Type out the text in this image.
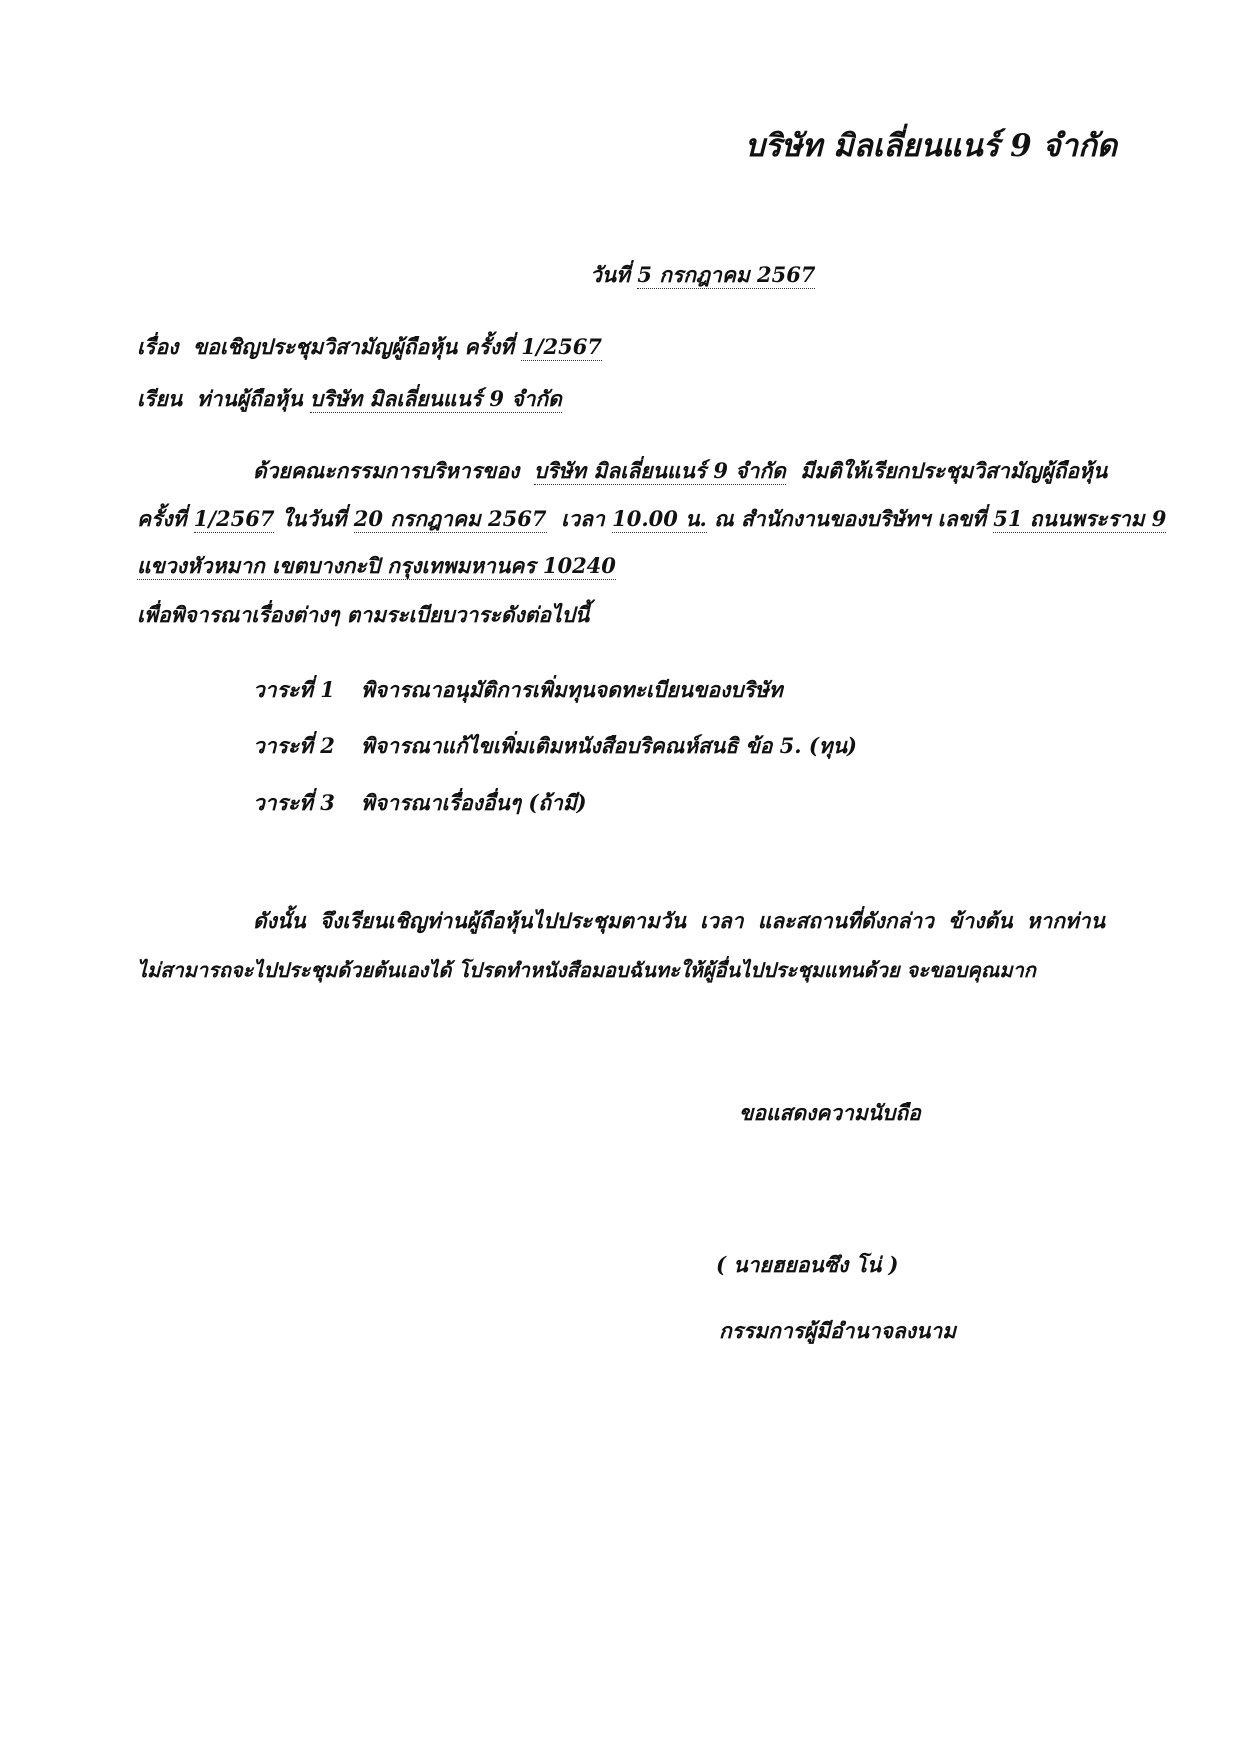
บริษัท มิลเลี่ยนแนร์ 9 จำกัด
วันที่ 5 กรกฎาคม 2567
เรื่อง ขอเชิญประชุมวิสามัญผู้ถือหุ้น ครั้งที่ 1/2567
เรียน ท่านผู้ถือหุ้น บริษัท มิลเลี่ยนแนร์ 9 จำกัด
ด้วยคณะกรรมการบริหารของ บริษัท มิลเลี่ยนแนร์ 9 จำกัด มีมติให้เรียกประชุมวิสามัญผู้ถือหุ้น
ครั้งที่ 1/2567 ในวันที่ 20 กรกฎาคม 2567 เวลา 10.00 น. ณ สำนักงานของบริษัทฯ เลขที่ 51 ถนนพระราม 9
แขวงหัวหมาก เขตบางกะปิ กรุงเทพมหานคร 10240
เพื่อพิจารณาเรื่องต่างๆ ตามระเบียบวาระดังต่อไปนี้
วาระที่ 1 พิจารณาอนุมัติการเพิ่มทุนจดทะเบียนของบริษัท
วาระที่ 2 พิจารณาแก้ไขเพิ่มเติมหนังสือบริคณห์สนธิ ข้อ 5. (ทุน)
วาระที่ 3 พิจารณาเรื่องอื่นๆ (ถ้ามี)
ดังนั้น จึงเรียนเชิญท่านผู้ถือหุ้นไปประชุมตามวัน เวลา และสถานที่ดังกล่าว ข้างต้น หากท่าน
ไม่สามารถจะไปประชุมด้วยต้นเองได้ โปรดทำหนังสือมอบฉันทะให้ผู้อื่นไปประชุมแทนด้วย จะขอบคุณมาก
ขอแสดงความนับถือ
( นายฮยอนซึง โน่ )
กรรมการผู้มีอำนาจลงนาม
